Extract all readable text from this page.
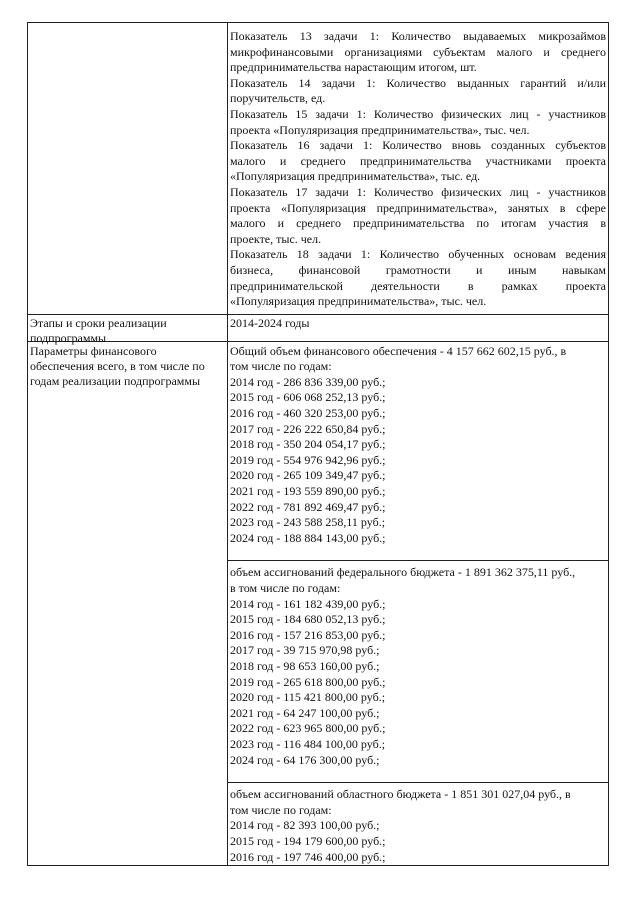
Показатель 13 задачи 1: Количество выдаваемых микрозаймов
микрофинансовыми организациями субъектам малого и среднего
предпринимательства нарастающим итогом, шт.
Показатель 14 задачи 1: Количество выданных гарантий и/или
поручительств, ед.
Показатель 15 задачи 1: Количество физических лиц - участников
проекта «Популяризация предпринимательства», тыс. чел.
Показатель 16 задачи 1: Количество вновь созданных субъектов
малого и среднего предпринимательства участниками проекта
«Популяризация предпринимательства», тыс. ед.
Показатель 17 задачи 1: Количество физических лиц - участников
проекта «Популяризация предпринимательства», занятых в сфере
малого и среднего предпринимательства по итогам участия в
проекте, тыс. чел.
Показатель 18 задачи 1: Количество обученных основам ведения
бизнеса, финансовой грамотности и иным навыкам
предпринимательской деятельности в рамках проекта
«Популяризация предпринимательства», тыс. чел.
Этапы и сроки реализации
подпрограммы
2014-2024 годы
Параметры финансового
обеспечения всего, в том числе по
годам реализации подпрограммы
Общий объем финансового обеспечения - 4 157 662 602,15 руб., в
том числе по годам:
2014 год - 286 836 339,00 руб.;
2015 год - 606 068 252,13 руб.;
2016 год - 460 320 253,00 руб.;
2017 год - 226 222 650,84 руб.;
2018 год - 350 204 054,17 руб.;
2019 год - 554 976 942,96 руб.;
2020 год - 265 109 349,47 руб.;
2021 год - 193 559 890,00 руб.;
2022 год - 781 892 469,47 руб.;
2023 год - 243 588 258,11 руб.;
2024 год - 188 884 143,00 руб.;
объем ассигнований федерального бюджета - 1 891 362 375,11 руб.,
в том числе по годам:
2014 год - 161 182 439,00 руб.;
2015 год - 184 680 052,13 руб.;
2016 год - 157 216 853,00 руб.;
2017 год - 39 715 970,98 руб.;
2018 год - 98 653 160,00 руб.;
2019 год - 265 618 800,00 руб.;
2020 год - 115 421 800,00 руб.;
2021 год - 64 247 100,00 руб.;
2022 год - 623 965 800,00 руб.;
2023 год - 116 484 100,00 руб.;
2024 год - 64 176 300,00 руб.;
объем ассигнований областного бюджета - 1 851 301 027,04 руб., в
том числе по годам:
2014 год - 82 393 100,00 руб.;
2015 год - 194 179 600,00 руб.;
2016 год - 197 746 400,00 руб.;
